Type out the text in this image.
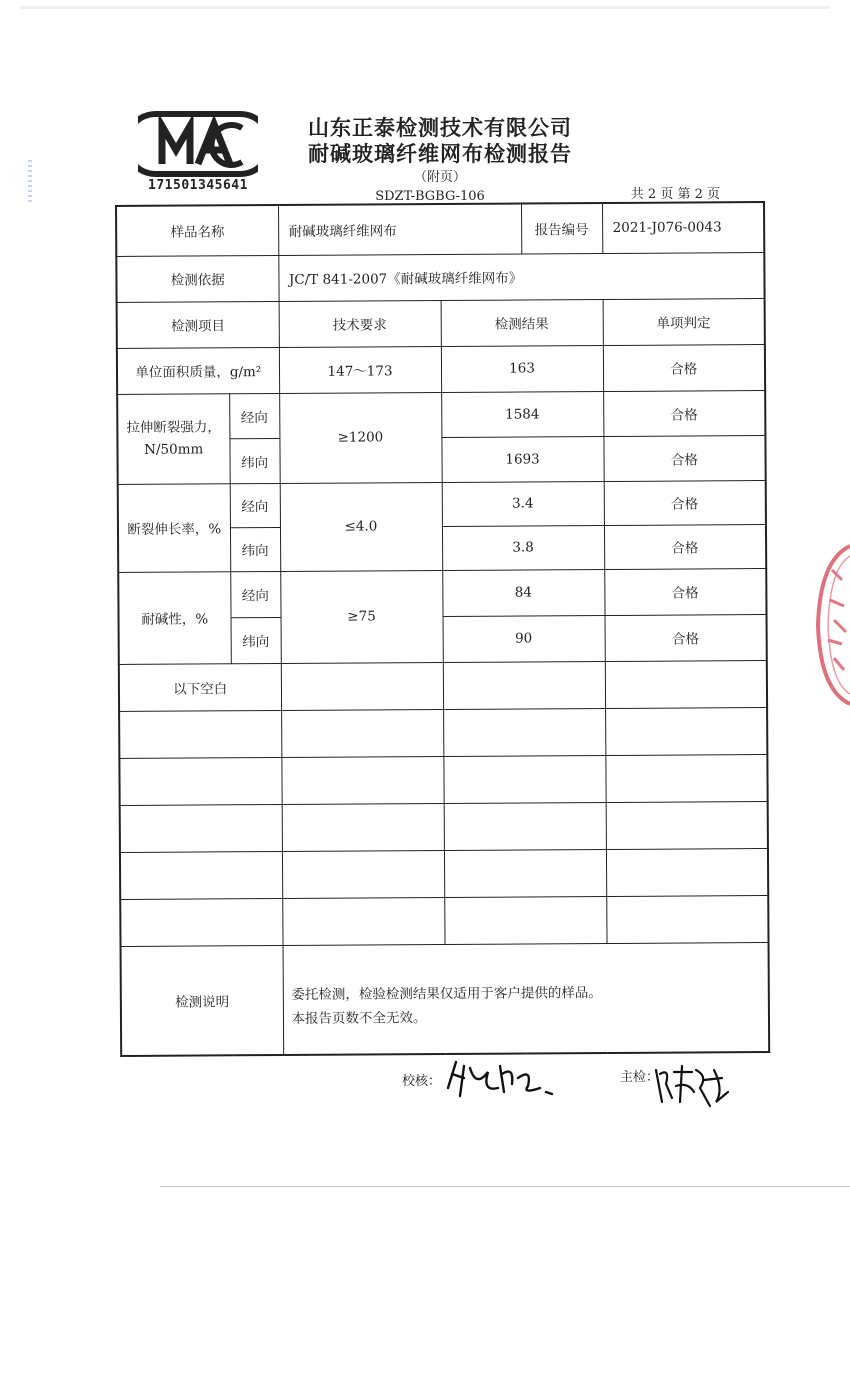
171501345641
山东正泰检测技术有限公司
耐碱玻璃纤维网布检测报告
（附页）
SDZT-BGBG-106	共 2 页 第 2 页
样品名称		耐碱玻璃纤维网布		报告编号	2021-J076-0043
检测依据		JC/T 841-2007《耐碱玻璃纤维网布》			
检测项目		技术要求	检测结果		单项判定
单位面积质量，g/m²		147～173	163		合格
拉伸断裂强力，N/50mm	经向	≥1200	1584		合格
	纬向		1693		合格
断裂伸长率，%	经向	≤4.0	3.4		合格
	纬向		3.8		合格
耐碱性，%	经向	≥75	84		合格
	纬向		90		合格
以下空白					

检测说明		委托检测，检验检测结果仅适用于客户提供的样品。
本报告页数不全无效。			
校核：	主检：
